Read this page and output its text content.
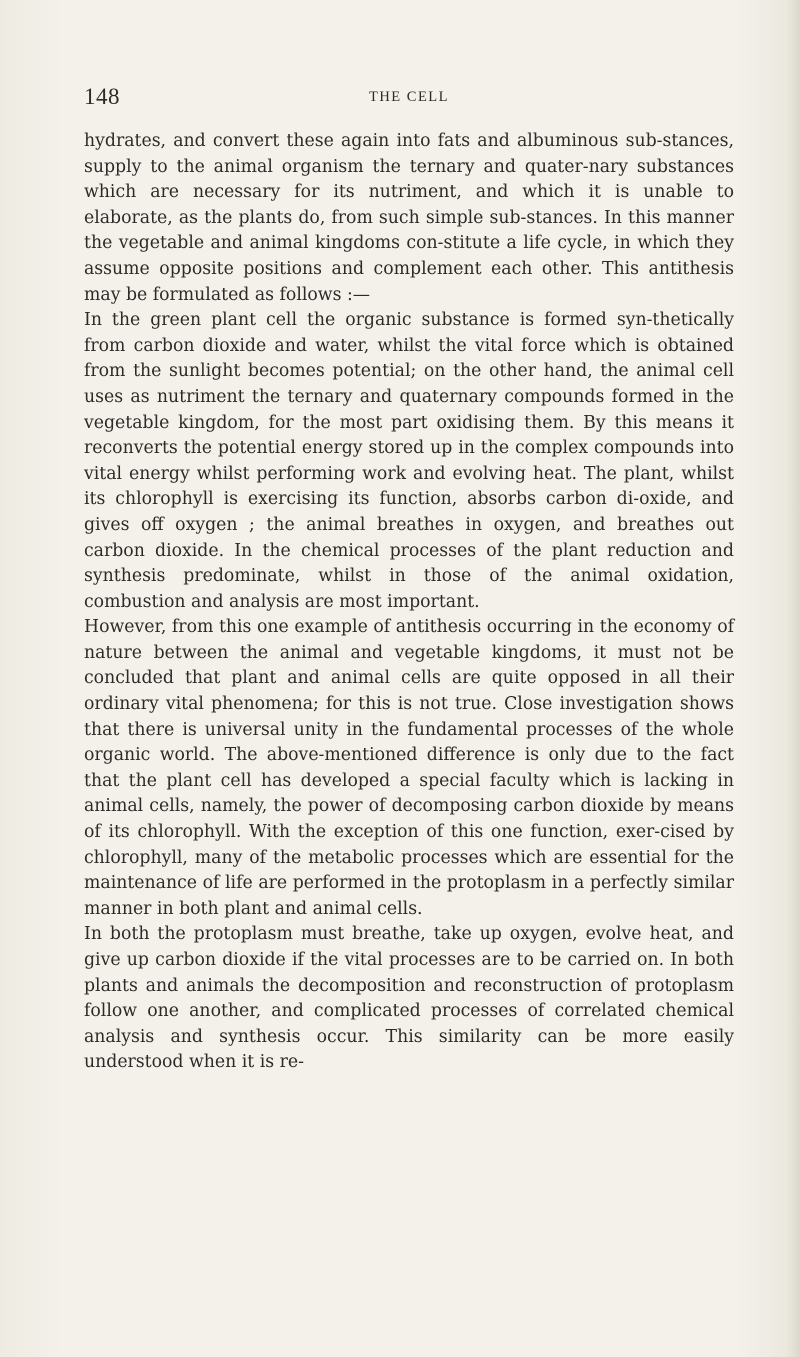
148	THE CELL

hydrates, and convert these again into fats and albuminous sub-stances, supply to the animal organism the ternary and quater-nary substances which are necessary for its nutriment, and which it is unable to elaborate, as the plants do, from such simple sub-stances. In this manner the vegetable and animal kingdoms con-stitute a life cycle, in which they assume opposite positions and complement each other. This antithesis may be formulated as follows :—

In the green plant cell the organic substance is formed syn-thetically from carbon dioxide and water, whilst the vital force which is obtained from the sunlight becomes potential; on the other hand, the animal cell uses as nutriment the ternary and quaternary compounds formed in the vegetable kingdom, for the most part oxidising them. By this means it reconverts the potential energy stored up in the complex compounds into vital energy whilst performing work and evolving heat. The plant, whilst its chlorophyll is exercising its function, absorbs carbon di-oxide, and gives off oxygen ; the animal breathes in oxygen, and breathes out carbon dioxide. In the chemical processes of the plant reduction and synthesis predominate, whilst in those of the animal oxidation, combustion and analysis are most important.

However, from this one example of antithesis occurring in the economy of nature between the animal and vegetable kingdoms, it must not be concluded that plant and animal cells are quite opposed in all their ordinary vital phenomena; for this is not true. Close investigation shows that there is universal unity in the fundamental processes of the whole organic world. The above-mentioned difference is only due to the fact that the plant cell has developed a special faculty which is lacking in animal cells, namely, the power of decomposing carbon dioxide by means of its chlorophyll. With the exception of this one function, exer-cised by chlorophyll, many of the metabolic processes which are essential for the maintenance of life are performed in the protoplasm in a perfectly similar manner in both plant and animal cells.

In both the protoplasm must breathe, take up oxygen, evolve heat, and give up carbon dioxide if the vital processes are to be carried on. In both plants and animals the decomposition and reconstruction of protoplasm follow one another, and complicated processes of correlated chemical analysis and synthesis occur. This similarity can be more easily understood when it is re-
